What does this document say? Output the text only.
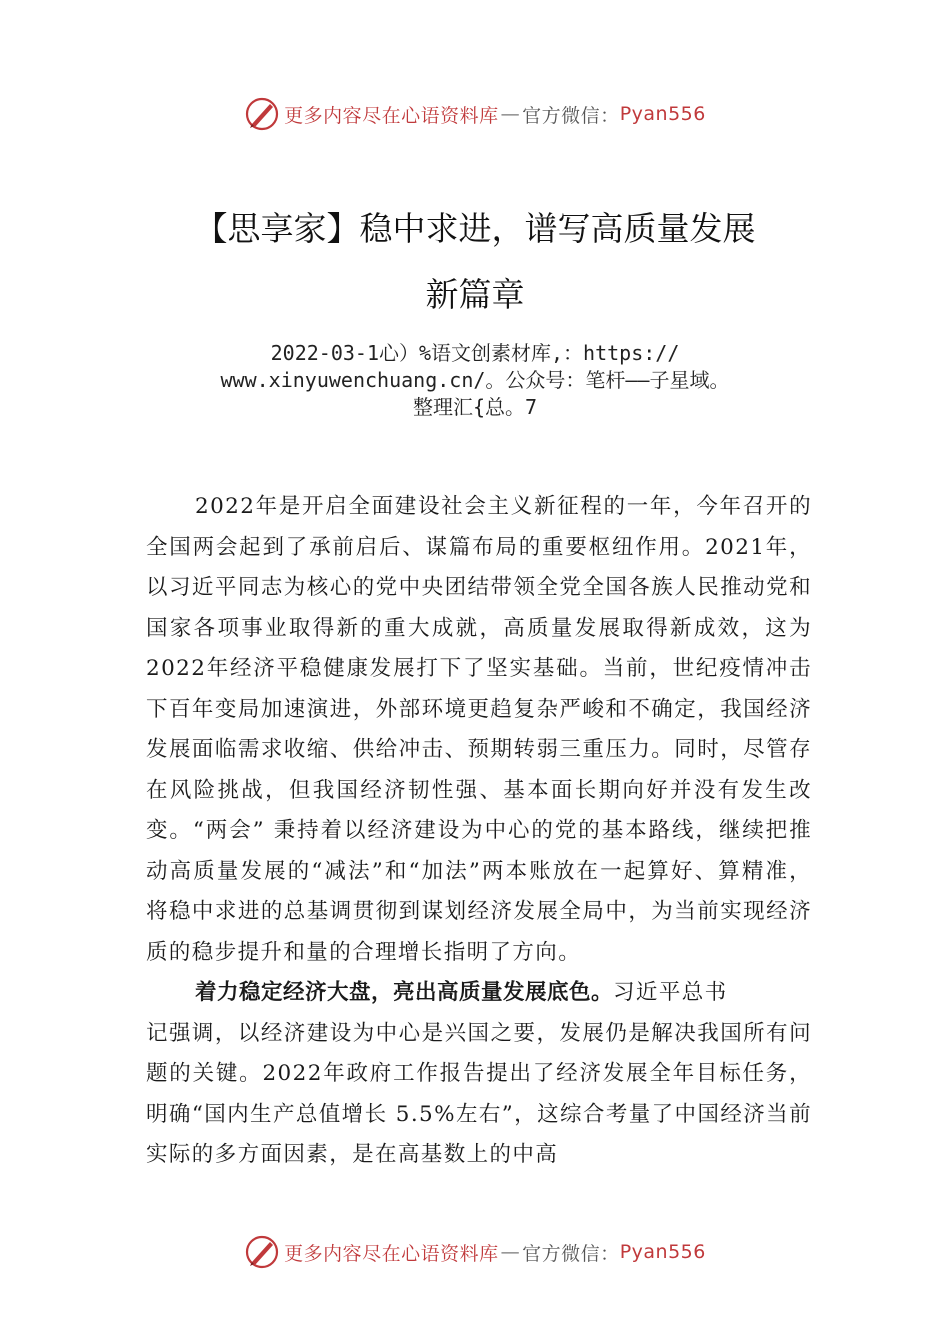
更多内容尽在心语资料库 — 官方微信： Pyan556
【思享家】稳中求进，谱写高质量发展
新篇章
2022-03-1心）%语文创素材库,：https://
www.xinyuwenchuang.cn/。公众号：笔杆——子星域。
整理汇{总。7

2022年是开启全面建设社会主义新征程的一年，今年召开的全国两会起到了承前启后、谋篇布局的重要枢纽作用。2021年，以习近平同志为核心的党中央团结带领全党全国各族人民推动党和国家各项事业取得新的重大成就，高质量发展取得新成效，这为2022年经济平稳健康发展打下了坚实基础。当前，世纪疫情冲击下百年变局加速演进，外部环境更趋复杂严峻和不确定，我国经济发展面临需求收缩、供给冲击、预期转弱三重压力。同时，尽管存在风险挑战，但我国经济韧性强、基本面长期向好并没有发生改变。“两会” 秉持着以经济建设为中心的党的基本路线，继续把推动高质量发展的“减法”和“加法”两本账放在一起算好、算精准， 将稳中求进的总基调贯彻到谋划经济发展全局中，为当前实现经济质的稳步提升和量的合理增长指明了方向。

着力稳定经济大盘，亮出高质量发展底色。习近平总书
记强调，以经济建设为中心是兴国之要，发展仍是解决我国所有问题的关键。2022年政府工作报告提出了经济发展全年目标任务，明确“国内生产总值增长 5.5%左右”，这综合考量了中国经济当前实际的多方面因素，是在高基数上的中高

更多内容尽在心语资料库 — 官方微信： Pyan556
